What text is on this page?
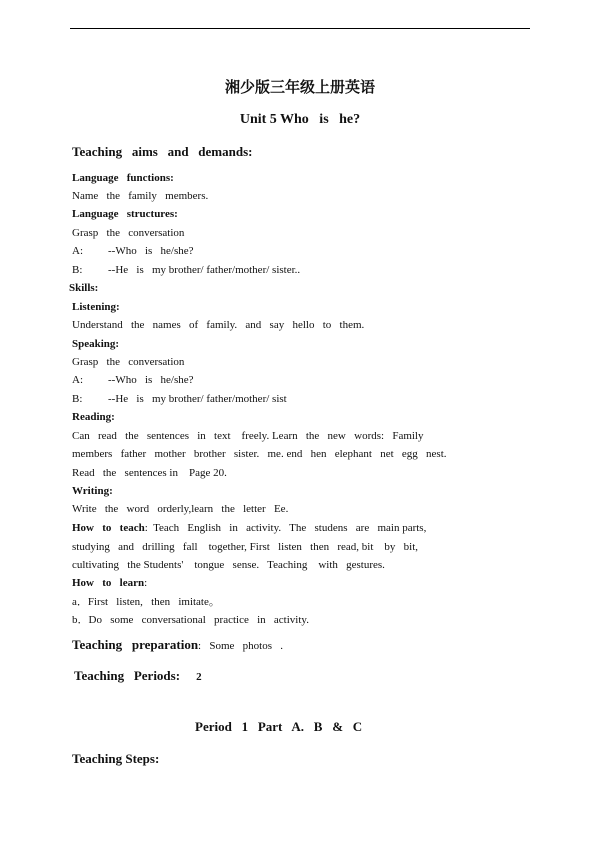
湘少版三年级上册英语
Unit 5 Who   is   he?
Teaching   aims   and   demands:
Language   functions:
Name   the   family   members.
Language   structures:
Grasp   the   conversation
A: --Who   is   he/she?
B: --He   is   my brother/ father/mother/ sister..
Skills:
Listening:
Understand   the   names   of   family.   and   say   hello   to   them.
Speaking:
Grasp   the   conversation
A: --Who   is   he/she?
B: --He   is   my brother/ father/mother/ sist
Reading:
Can   read   the   sentences   in   text    freely. Learn   the   new   words:   Family
members   father   mother   brother   sister.   me. end   hen   elephant   net   egg   nest.
Read   the   sentences in    Page 20.
Writing:
Write   the   word   orderly,learn   the   letter   Ee.
How   to   teach:  Teach   English   in   activity.   The   studens   are   main parts,
studying   and   drilling   fall    together, First   listen   then   read, bit    by   bit,
cultivating   the Students'    tongue   sense.   Teaching    with   gestures.
How   to   learn:
a．First   listen,   then   imitate。
b．Do   some   conversational   practice   in   activity.
Teaching   preparation:   Some   photos   .
Teaching   Periods: 2
Period   1   Part   A.   B   &   C
Teaching Steps:
